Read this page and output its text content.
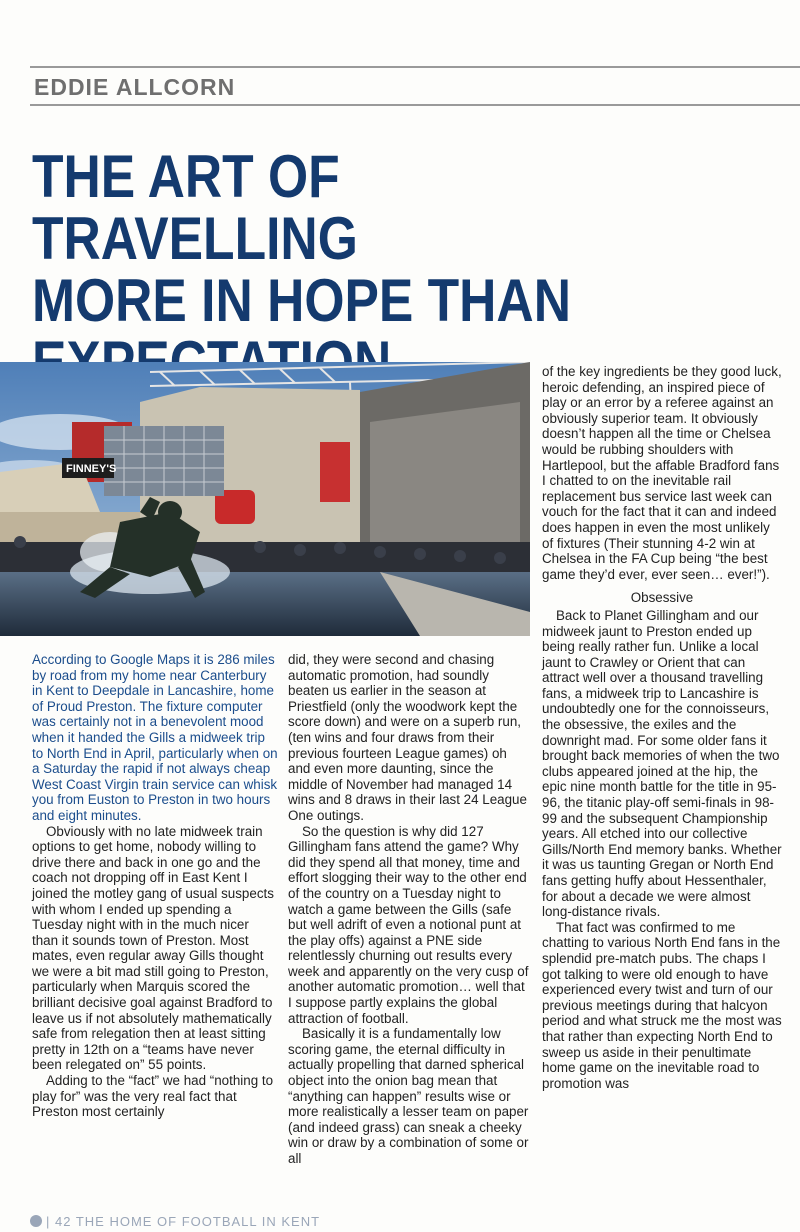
EDDIE ALLCORN
THE ART OF TRAVELLING
MORE IN HOPE THAN

FINNEY'S

According to Google Maps it is 286 miles by road from my home near Canterbury in Kent to Deepdale in Lancashire, home of Proud Preston. The fixture computer was certainly not in a benevolent mood when it handed the Gills a midweek trip to North End in April, particularly when on a Saturday the rapid if not always cheap West Coast Virgin train service can whisk you from Euston to Preston in two hours and eight minutes.

Obviously with no late midweek train options to get home, nobody willing to drive there and back in one go and the coach not dropping off in East Kent I joined the motley gang of usual suspects with whom I ended up spending a Tuesday night with in the much nicer than it sounds town of Preston. Most mates, even regular away Gills thought we were a bit mad still going to Preston, particularly when Marquis scored the brilliant decisive goal against Bradford to leave us if not absolutely mathematically safe from relegation then at least sitting pretty in 12th on a “teams have never been relegated on” 55 points.

Adding to the “fact” we had “nothing to play for” was the very real fact that Preston most certainly

did, they were second and chasing automatic promotion, had soundly beaten us earlier in the season at Priestfield (only the woodwork kept the score down) and were on a superb run, (ten wins and four draws from their previous fourteen League games) oh and even more daunting, since the middle of November had managed 14 wins and 8 draws in their last 24 League One outings.

So the question is why did 127 Gillingham fans attend the game? Why did they spend all that money, time and effort slogging their way to the other end of the country on a Tuesday night to watch a game between the Gills (safe but well adrift of even a notional punt at the play offs) against a PNE side relentlessly churning out results every week and apparently on the very cusp of another automatic promotion… well that I suppose partly explains the global attraction of football.

Basically it is a fundamentally low scoring game, the eternal difficulty in actually propelling that darned spherical object into the onion bag mean that “anything can happen” results wise or more realistically a lesser team on paper (and indeed grass) can sneak a cheeky win or draw by a combination of some or all

of the key ingredients be they good luck, heroic defending, an inspired piece of play or an error by a referee against an obviously superior team. It obviously doesn’t happen all the time or Chelsea would be rubbing shoulders with Hartlepool, but the affable Bradford fans I chatted to on the inevitable rail replacement bus service last week can vouch for the fact that it can and indeed does happen in even the most unlikely of fixtures (Their stunning 4-2 win at Chelsea in the FA Cup being “the best game they’d ever, ever seen… ever!”).

Obsessive

Back to Planet Gillingham and our midweek jaunt to Preston ended up being really rather fun. Unlike a local jaunt to Crawley or Orient that can attract well over a thousand travelling fans, a midweek trip to Lancashire is undoubtedly one for the connoisseurs, the obsessive, the exiles and the downright mad. For some older fans it brought back memories of when the two clubs appeared joined at the hip, the epic nine month battle for the title in 95-96, the titanic play-off semi-finals in 98-99 and the subsequent Championship years. All etched into our collective Gills/North End memory banks. Whether it was us taunting Gregan or North End fans getting huffy about Hessenthaler, for about a decade we were almost long-distance rivals.

That fact was confirmed to me chatting to various North End fans in the splendid pre-match pubs. The chaps I got talking to were old enough to have experienced every twist and turn of our previous meetings during that halcyon period and what struck me the most was that rather than expecting North End to sweep us aside in their penultimate home game on the inevitable road to promotion was

| 42 THE HOME OF FOOTBALL IN KENT
